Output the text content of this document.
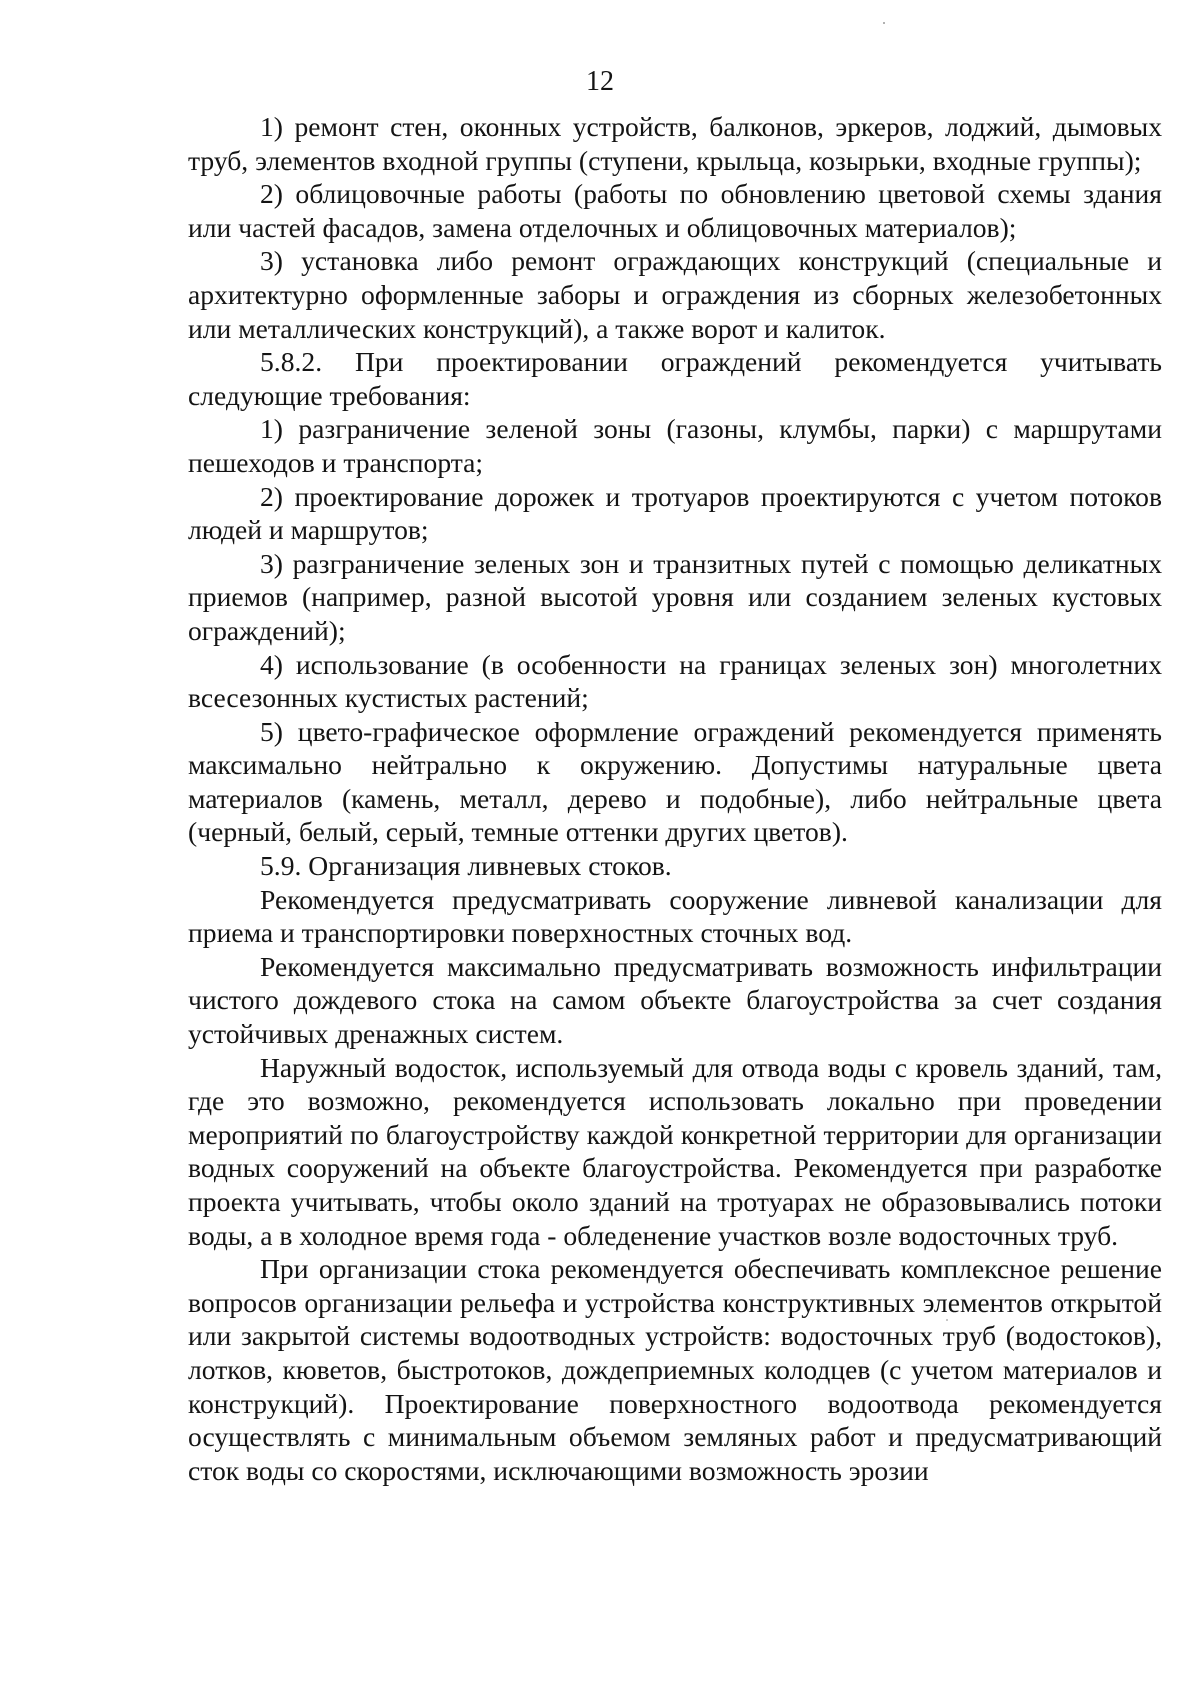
12

1) ремонт стен, оконных устройств, балконов, эркеров, лоджий, дымовых труб, элементов входной группы (ступени, крыльца, козырьки, входные группы);

2) облицовочные работы (работы по обновлению цветовой схемы здания или частей фасадов, замена отделочных и облицовочных материалов);

3) установка либо ремонт ограждающих конструкций (специальные и архитектурно оформленные заборы и ограждения из сборных железобетонных или металлических конструкций), а также ворот и калиток.

5.8.2. При проектировании ограждений рекомендуется учитывать следующие требования:

1) разграничение зеленой зоны (газоны, клумбы, парки) с маршрутами пешеходов и транспорта;

2) проектирование дорожек и тротуаров проектируются с учетом потоков людей и маршрутов;

3) разграничение зеленых зон и транзитных путей с помощью деликатных приемов (например, разной высотой уровня или созданием зеленых кустовых ограждений);

4) использование (в особенности на границах зеленых зон) многолетних всесезонных кустистых растений;

5) цвето-графическое оформление ограждений рекомендуется применять максимально нейтрально к окружению. Допустимы натуральные цвета материалов (камень, металл, дерево и подобные), либо нейтральные цвета (черный, белый, серый, темные оттенки других цветов).

5.9. Организация ливневых стоков.

Рекомендуется предусматривать сооружение ливневой канализации для приема и транспортировки поверхностных сточных вод.

Рекомендуется максимально предусматривать возможность инфильтрации чистого дождевого стока на самом объекте благоустройства за счет создания устойчивых дренажных систем.

Наружный водосток, используемый для отвода воды с кровель зданий, там, где это возможно, рекомендуется использовать локально при проведении мероприятий по благоустройству каждой конкретной территории для организации водных сооружений на объекте благоустройства. Рекомендуется при разработке проекта учитывать, чтобы около зданий на тротуарах не образовывались потоки воды, а в холодное время года - обледенение участков возле водосточных труб.

При организации стока рекомендуется обеспечивать комплексное решение вопросов организации рельефа и устройства конструктивных элементов открытой или закрытой системы водоотводных устройств: водосточных труб (водостоков), лотков, кюветов, быстротоков, дождеприемных колодцев (с учетом материалов и конструкций). Проектирование поверхностного водоотвода рекомендуется осуществлять с минимальным объемом земляных работ и предусматривающий сток воды со скоростями, исключающими возможность эрозии
